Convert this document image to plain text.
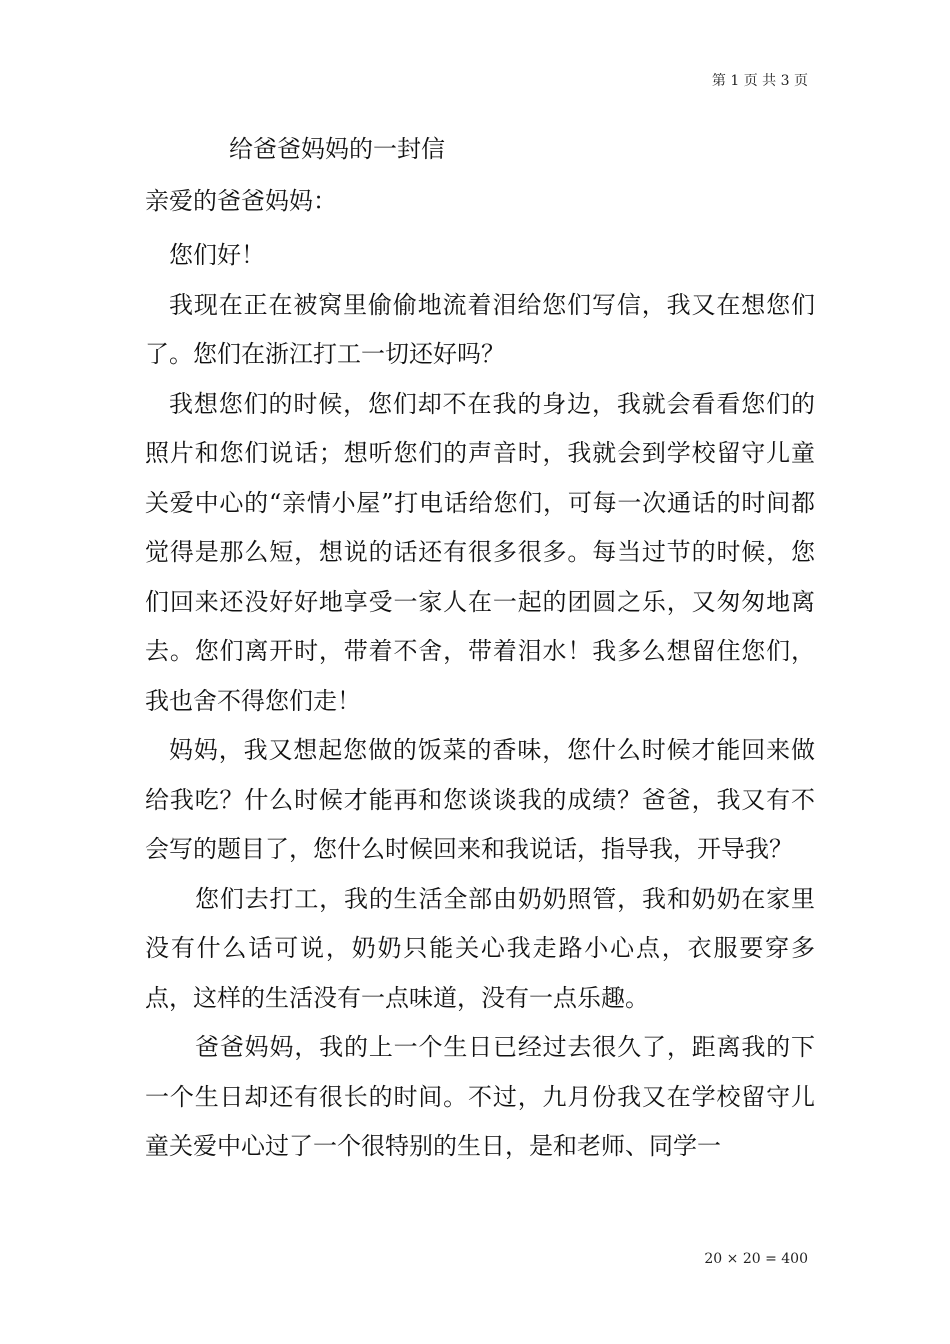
第 1 页 共 3 页
给爸爸妈妈的一封信
亲爱的爸爸妈妈：

您们好！

我现在正在被窝里偷偷地流着泪给您们写信，我又在想您们了。您们在浙江打工一切还好吗？

我想您们的时候，您们却不在我的身边，我就会看看您们的照片和您们说话；想听您们的声音时，我就会到学校留守儿童关爱中心的“亲情小屋”打电话给您们，可每一次通话的时间都觉得是那么短，想说的话还有很多很多。每当过节的时候，您们回来还没好好地享受一家人在一起的团圆之乐，又匆匆地离去。您们离开时，带着不舍，带着泪水！我多么想留住您们，我也舍不得您们走！

妈妈，我又想起您做的饭菜的香味，您什么时候才能回来做给我吃？什么时候才能再和您谈谈我的成绩？爸爸，我又有不会写的题目了，您什么时候回来和我说话，指导我，开导我？

您们去打工，我的生活全部由奶奶照管，我和奶奶在家里没有什么话可说，奶奶只能关心我走路小心点，衣服要穿多点，这样的生活没有一点味道，没有一点乐趣。

爸爸妈妈，我的上一个生日已经过去很久了，距离我的下一个生日却还有很长的时间。不过，九月份我又在学校留守儿童关爱中心过了一个很特别的生日，是和老师、同学一

20 × 20 = 400
